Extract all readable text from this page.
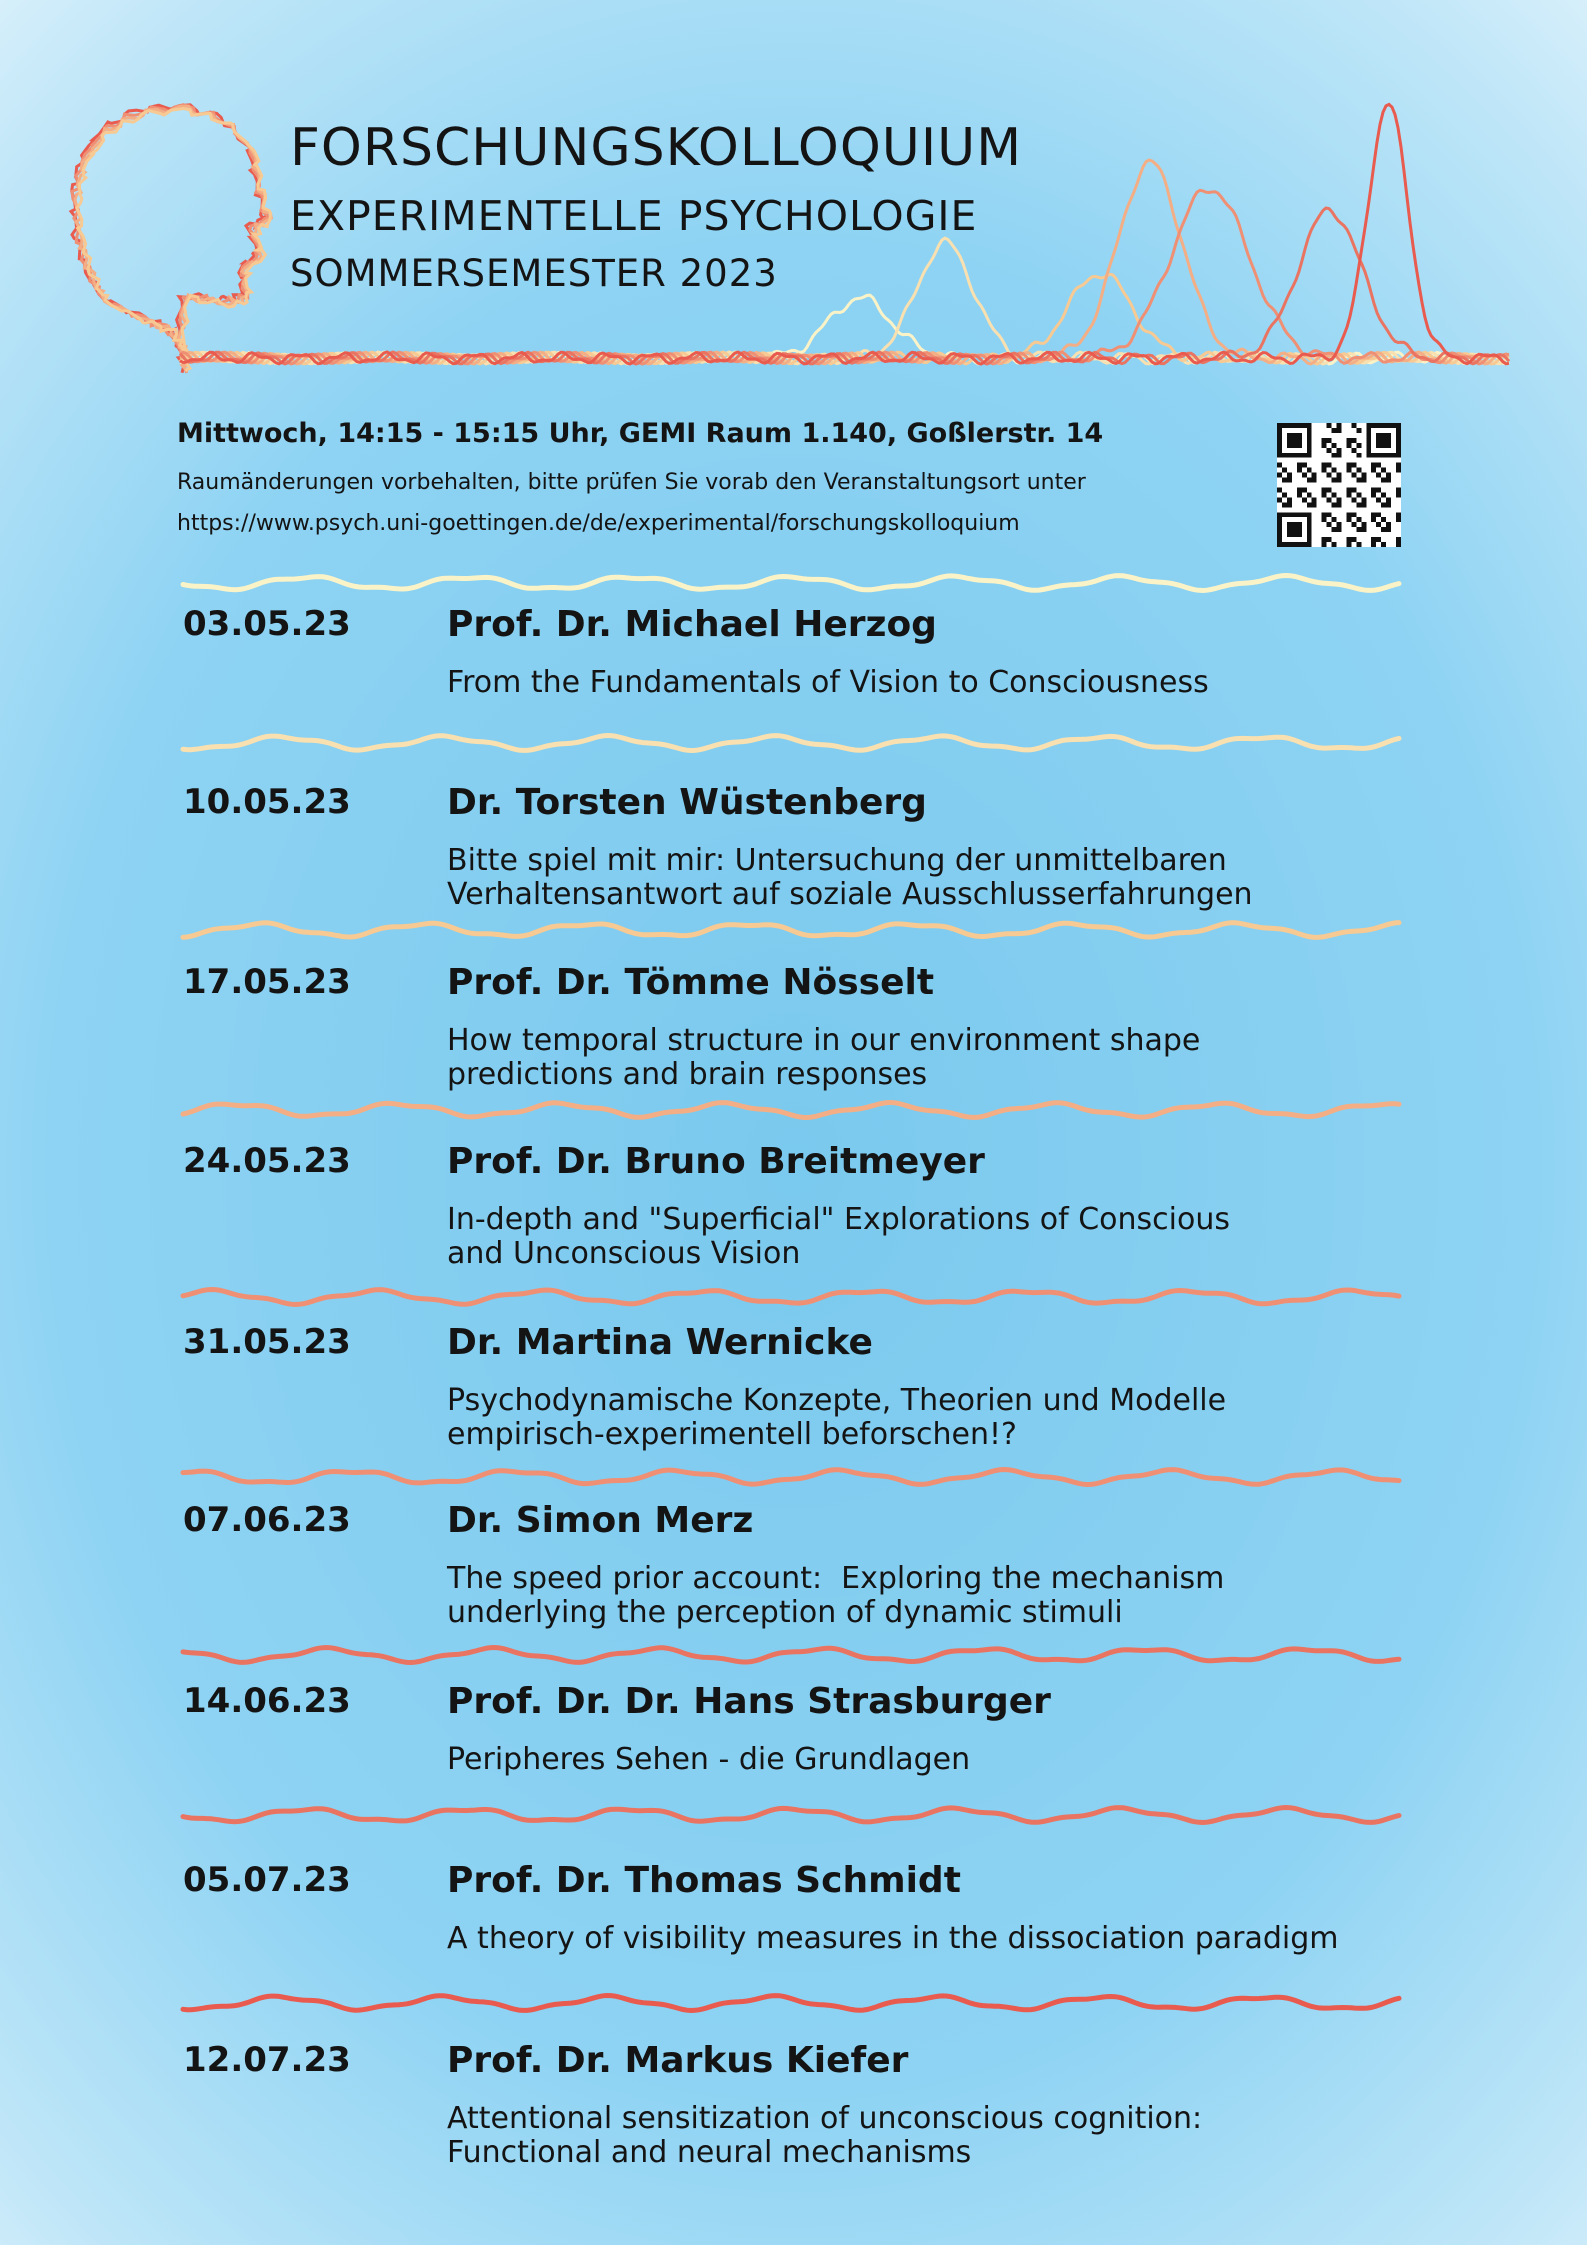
FORSCHUNGSKOLLOQUIUM
EXPERIMENTELLE PSYCHOLOGIE
SOMMERSEMESTER 2023
Mittwoch, 14:15 - 15:15 Uhr, GEMI Raum 1.140, Goßlerstr. 14
Raumänderungen vorbehalten, bitte prüfen Sie vorab den Veranstaltungsort unter
https://www.psych.uni-goettingen.de/de/experimental/forschungskolloquium
03.05.23	Prof. Dr. Michael Herzog
From the Fundamentals of Vision to Consciousness
10.05.23	Dr. Torsten Wüstenberg
Bitte spiel mit mir: Untersuchung der unmittelbaren
Verhaltensantwort auf soziale Ausschlusserfahrungen
17.05.23	Prof. Dr. Tömme Nösselt
How temporal structure in our environment shape
predictions and brain responses
24.05.23	Prof. Dr. Bruno Breitmeyer
In-depth and "Superficial" Explorations of Conscious
and Unconscious Vision
31.05.23	Dr. Martina Wernicke
Psychodynamische Konzepte, Theorien und Modelle
empirisch-experimentell beforschen!?
07.06.23	Dr. Simon Merz
The speed prior account:  Exploring the mechanism
underlying the perception of dynamic stimuli
14.06.23	Prof. Dr. Dr. Hans Strasburger
Peripheres Sehen - die Grundlagen
05.07.23	Prof. Dr. Thomas Schmidt
A theory of visibility measures in the dissociation paradigm
12.07.23	Prof. Dr. Markus Kiefer
Attentional sensitization of unconscious cognition:
Functional and neural mechanisms
